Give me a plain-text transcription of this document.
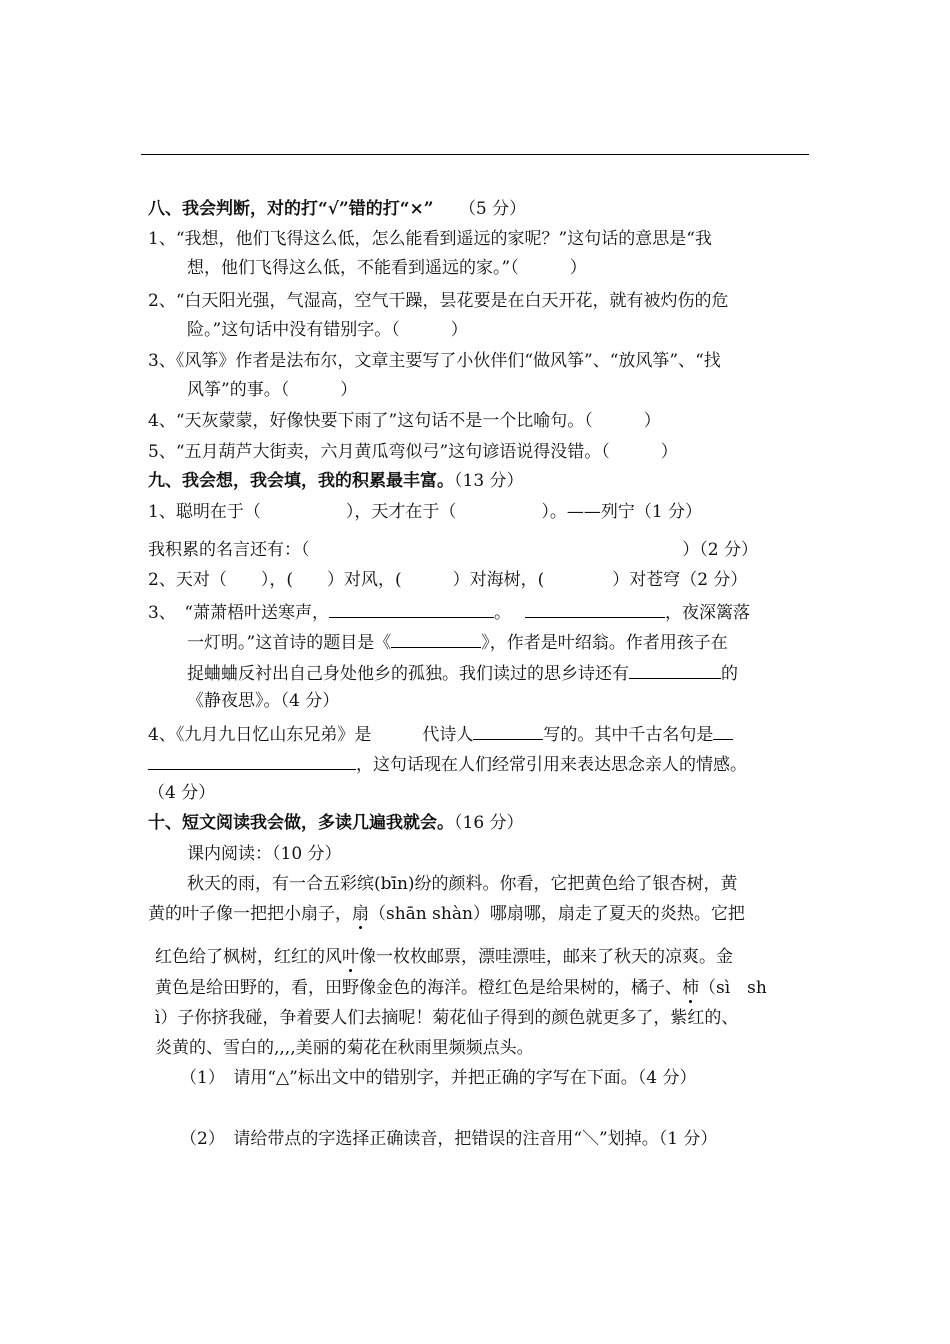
八、我会判断，对的打“√”错的打“×” （5 分）
1、“我想，他们飞得这么低，怎么能看到遥远的家呢？”这句话的意思是“我
想，他们飞得这么低，不能看到遥远的家。”（　　　）
2、“白天阳光强，气湿高，空气干躁，昙花要是在白天开花，就有被灼伤的危
险。”这句话中没有错别字。（　　　）
3、《风筝》作者是法布尔，文章主要写了小伙伴们“做风筝”、“放风筝”、“找
风筝”的事。（　　　）
4、“天灰蒙蒙，好像快要下雨了”这句话不是一个比喻句。（　　　）
5、“五月葫芦大街卖，六月黄瓜弯似弓”这句谚语说得没错。（　　　）
九、我会想，我会填，我的积累最丰富。（13 分）
1、聪明在于（　　　　　），天才在于（　　　　　）。——列宁（1 分）
我积累的名言还有：（	）（2 分）
2、天对（　　），(　　）对风，(　　　）对海树，(　　　　）对苍穹（2 分）
3、　“萧萧梧叶送寒声，	。	，夜深篱落
一灯明。”这首诗的题目是《	》，作者是叶绍翁。作者用孩子在
捉蛐蛐反衬出自己身处他乡的孤独。我们读过的思乡诗还有	的
《静夜思》。（4 分）
4、《九月九日忆山东兄弟》是　　　代诗人	写的。其中千古名句是
，这句话现在人们经常引用来表达思念亲人的情感。
（4 分）
十、短文阅读我会做，多读几遍我就会。（16 分）
课内阅读：（10 分）
秋天的雨，有一合五彩缤(bīn)纷的颜料。你看，它把黄色给了银杏树，黄
黄的叶子像一把把小扇子，扇（shān shàn）哪扇哪，扇走了夏天的炎热。它把
红色给了枫树，红红的风叶像一枚枚邮票，漂哇漂哇，邮来了秋天的凉爽。金
黄色是给田野的，看，田野像金色的海洋。橙红色是给果树的，橘子、柿（sì　sh
ì）子你挤我碰，争着要人们去摘呢！菊花仙子得到的颜色就更多了，紫红的、
炎黄的、雪白的,,,,美丽的菊花在秋雨里频频点头。
（1）　请用“△”标出文中的错别字，并把正确的字写在下面。（4 分）
（2）　请给带点的字选择正确读音，把错误的注音用“＼”划掉。（1 分）
